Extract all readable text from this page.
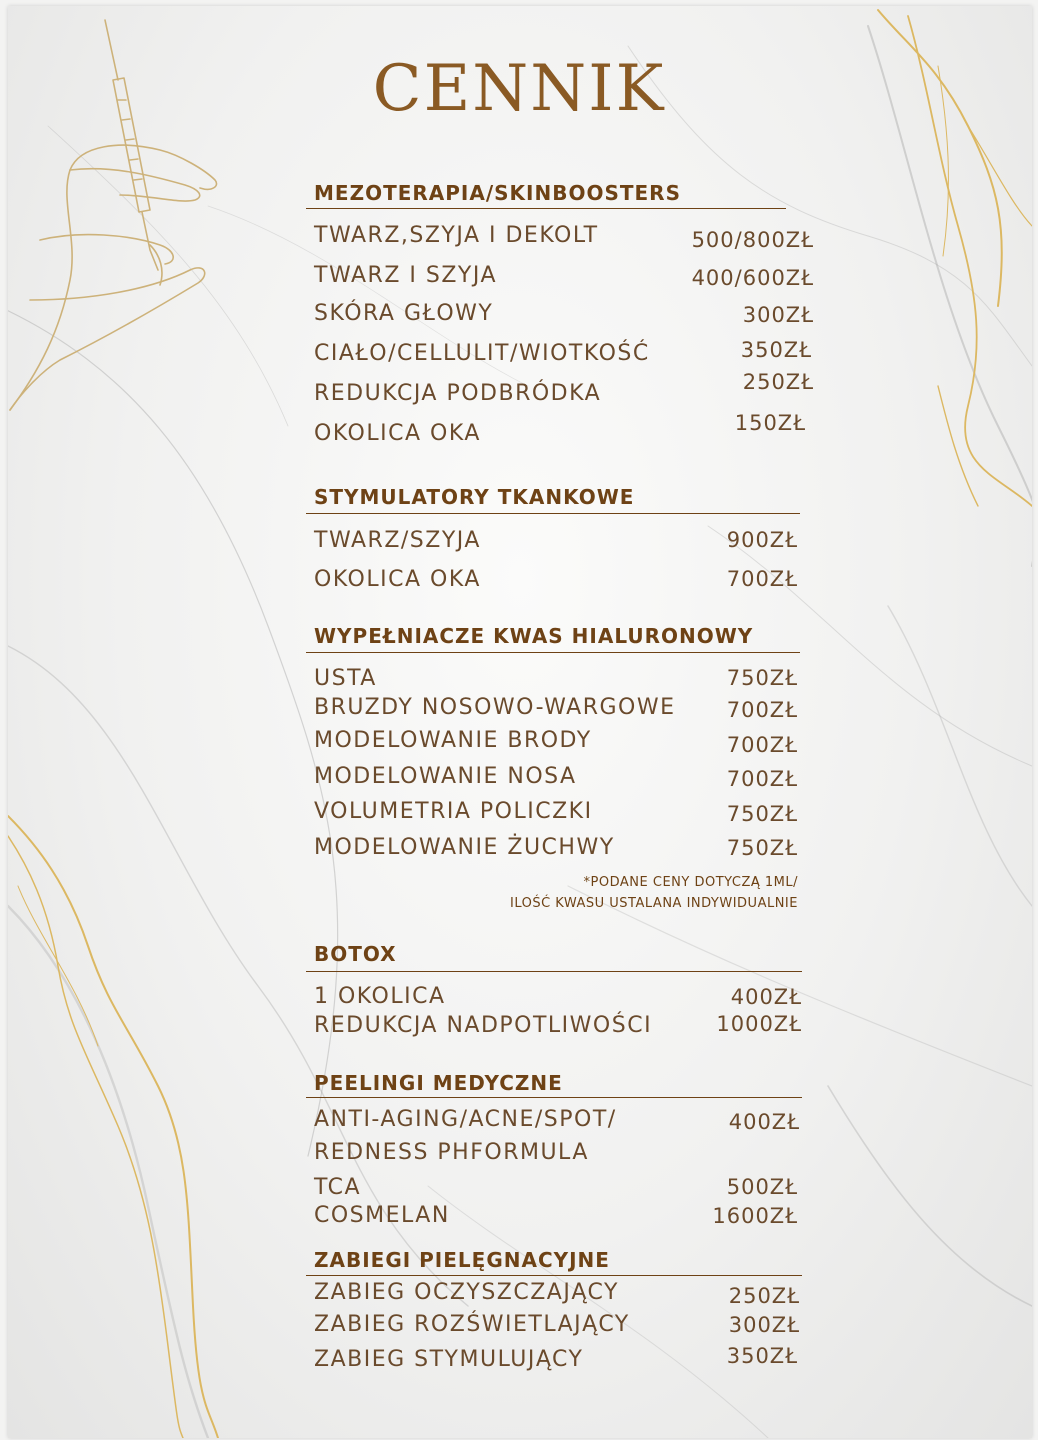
CENNIK
MEZOTERAPIA/SKINBOOSTERS
TWARZ,SZYJA I DEKOLT	500/800ZŁ
TWARZ I SZYJA	400/600ZŁ
SKÓRA GŁOWY	300ZŁ
CIAŁO/CELLULIT/WIOTKOŚĆ	350ZŁ
REDUKCJA PODBRÓDKA	250ZŁ
OKOLICA OKA	150ZŁ
STYMULATORY TKANKOWE
TWARZ/SZYJA	900ZŁ
OKOLICA OKA	700ZŁ
WYPEŁNIACZE KWAS HIALURONOWY
USTA	750ZŁ
BRUZDY NOSOWO-WARGOWE 700ZŁ
MODELOWANIE BRODY	700ZŁ
MODELOWANIE NOSA	700ZŁ
VOLUMETRIA POLICZKI	750ZŁ
MODELOWANIE ŻUCHWY	750ZŁ
*PODANE CENY DOTYCZĄ 1ML/
ILOŚĆ KWASU USTALANA INDYWIDUALNIE
BOTOX
1 OKOLICA	400ZŁ
REDUKCJA NADPOTLIWOŚCI	1000ZŁ
PEELINGI MEDYCZNE
ANTI-AGING/ACNE/SPOT/	400ZŁ
REDNESS PHFORMULA
TCA	500ZŁ
COSMELAN	1600ZŁ
ZABIEGI PIELĘGNACYJNE
ZABIEG OCZYSZCZAJĄCY	250ZŁ
ZABIEG ROZŚWIETLAJĄCY	300ZŁ
ZABIEG STYMULUJĄCY	350ZŁ
